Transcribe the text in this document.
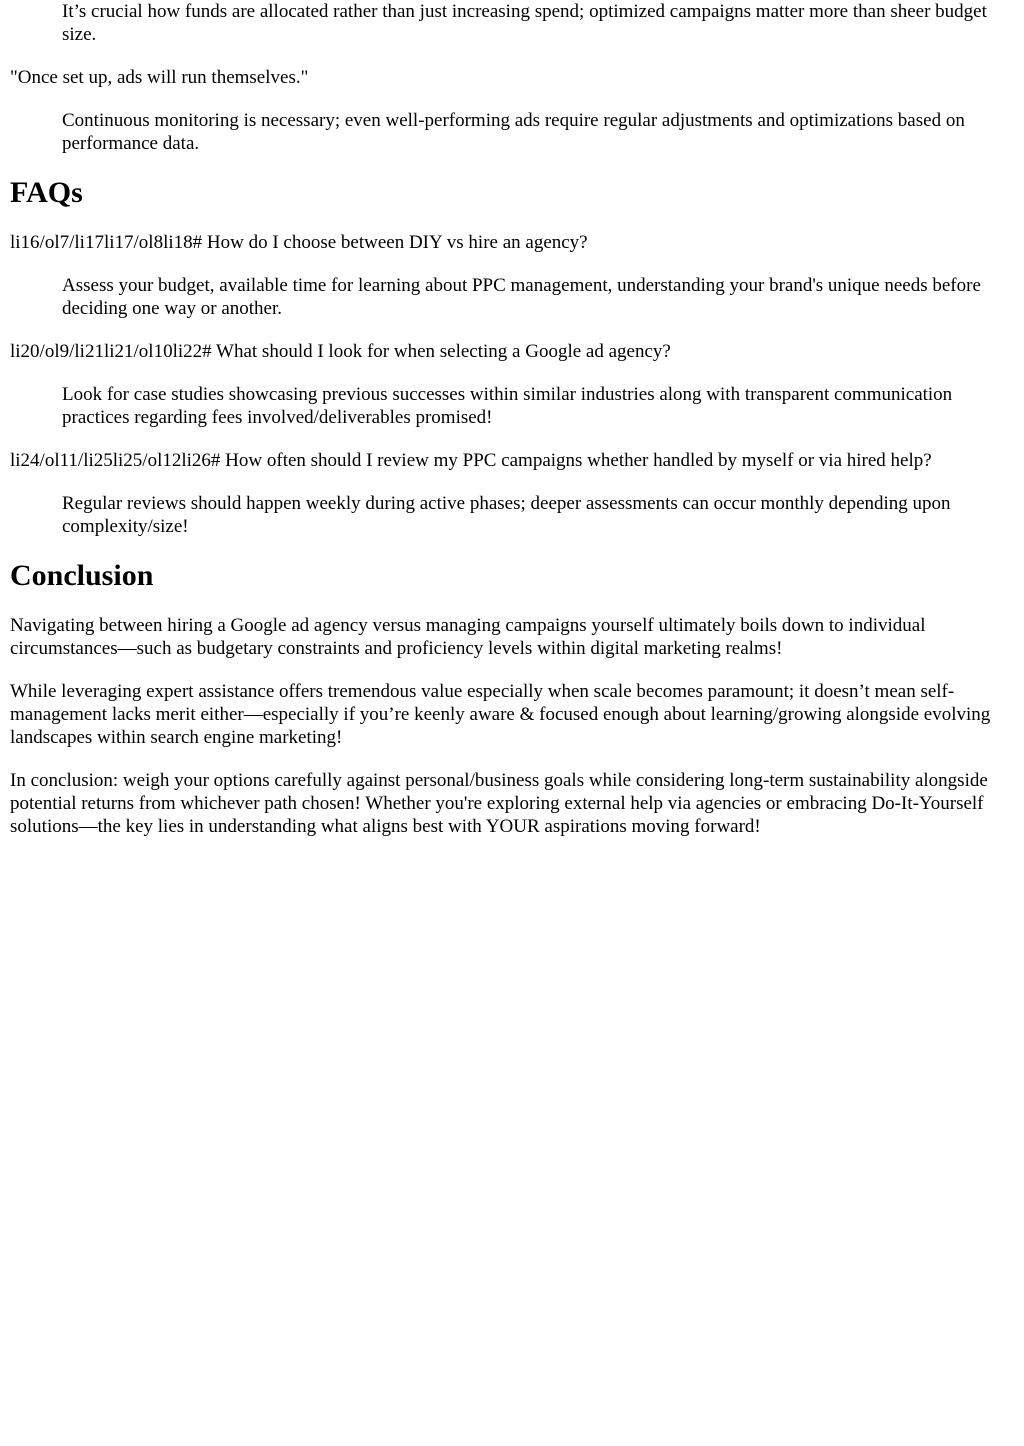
It’s crucial how funds are allocated rather than just increasing spend; optimized campaigns matter more than sheer budget size.

"Once set up, ads will run themselves."

Continuous monitoring is necessary; even well-performing ads require regular adjustments and optimizations based on performance data.

FAQs

li16/ol7/li17li17/ol8li18# How do I choose between DIY vs hire an agency?

Assess your budget, available time for learning about PPC management, understanding your brand's unique needs before deciding one way or another.

li20/ol9/li21li21/ol10li22# What should I look for when selecting a Google ad agency?

Look for case studies showcasing previous successes within similar industries along with transparent communication practices regarding fees involved/deliverables promised!

li24/ol11/li25li25/ol12li26# How often should I review my PPC campaigns whether handled by myself or via hired help?

Regular reviews should happen weekly during active phases; deeper assessments can occur monthly depending upon complexity/size!

Conclusion

Navigating between hiring a Google ad agency versus managing campaigns yourself ultimately boils down to individual circumstances—such as budgetary constraints and proficiency levels within digital marketing realms!

While leveraging expert assistance offers tremendous value especially when scale becomes paramount; it doesn’t mean self-management lacks merit either—especially if you’re keenly aware & focused enough about learning/growing alongside evolving landscapes within search engine marketing!

In conclusion: weigh your options carefully against personal/business goals while considering long-term sustainability alongside potential returns from whichever path chosen! Whether you're exploring external help via agencies or embracing Do-It-Yourself solutions—the key lies in understanding what aligns best with YOUR aspirations moving forward!
